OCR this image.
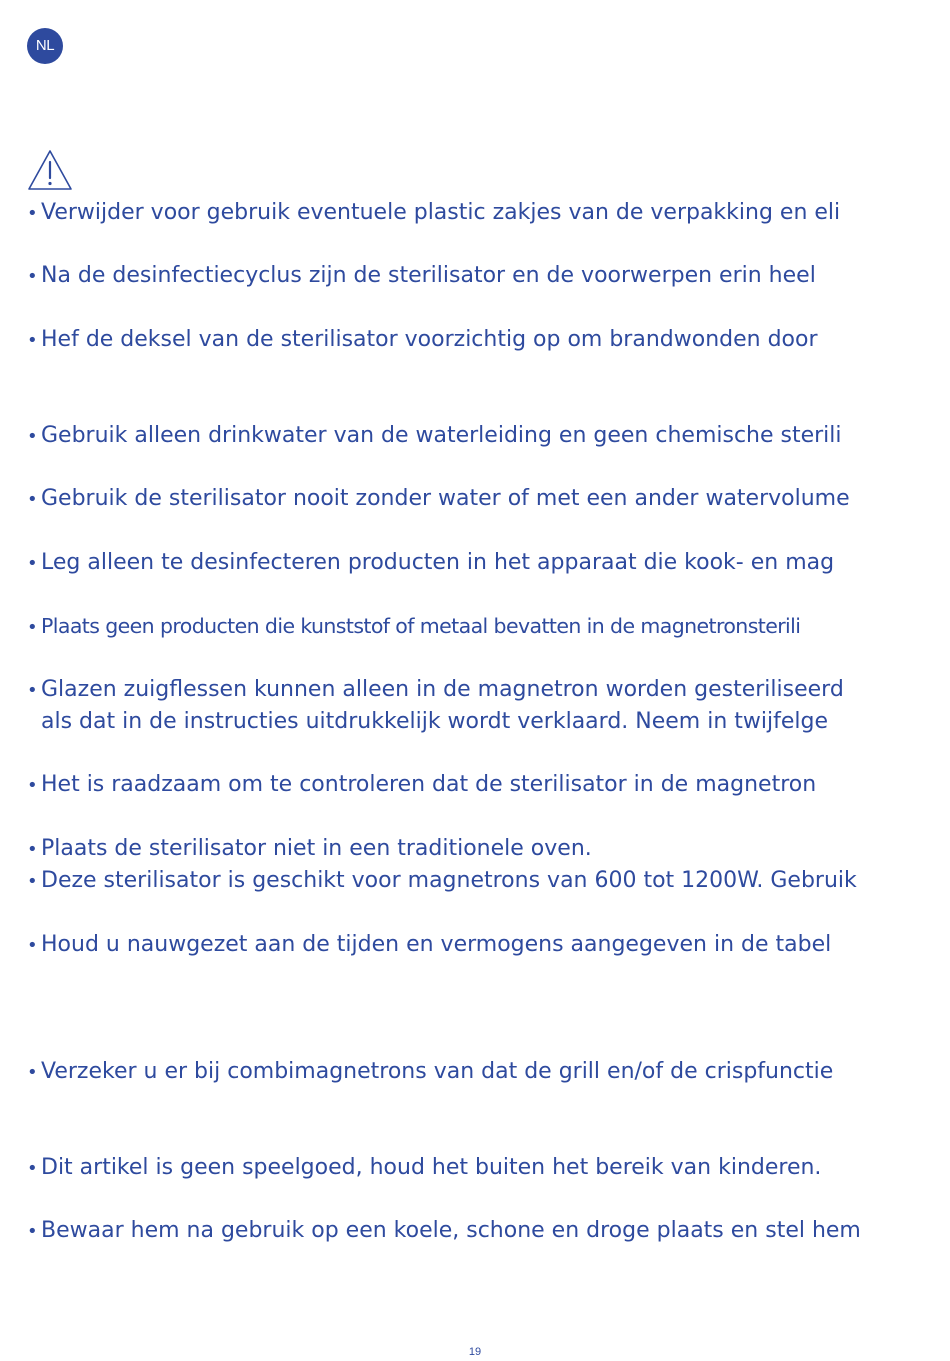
NL
• Verwijder voor gebruik eventuele plastic zakjes van de verpakking en eli
• Na de desinfectiecyclus zijn de sterilisator en de voorwerpen erin heel
• Hef de deksel van de sterilisator voorzichtig op om brandwonden door
• Gebruik alleen drinkwater van de waterleiding en geen chemische sterili
• Gebruik de sterilisator nooit zonder water of met een ander watervolume
• Leg alleen te desinfecteren producten in het apparaat die kook- en mag
• Plaats geen producten die kunststof of metaal bevatten in de magnetronsterili
• Glazen zuigflessen kunnen alleen in de magnetron worden gesteriliseerd
als dat in de instructies uitdrukkelijk wordt verklaard. Neem in twijfelge
• Het is raadzaam om te controleren dat de sterilisator in de magnetron
• Plaats de sterilisator niet in een traditionele oven.
• Deze sterilisator is geschikt voor magnetrons van 600 tot 1200W. Gebruik
• Houd u nauwgezet aan de tijden en vermogens aangegeven in de tabel
• Verzeker u er bij combimagnetrons van dat de grill en/of de crispfunctie
• Dit artikel is geen speelgoed, houd het buiten het bereik van kinderen.
• Bewaar hem na gebruik op een koele, schone en droge plaats en stel hem
19
